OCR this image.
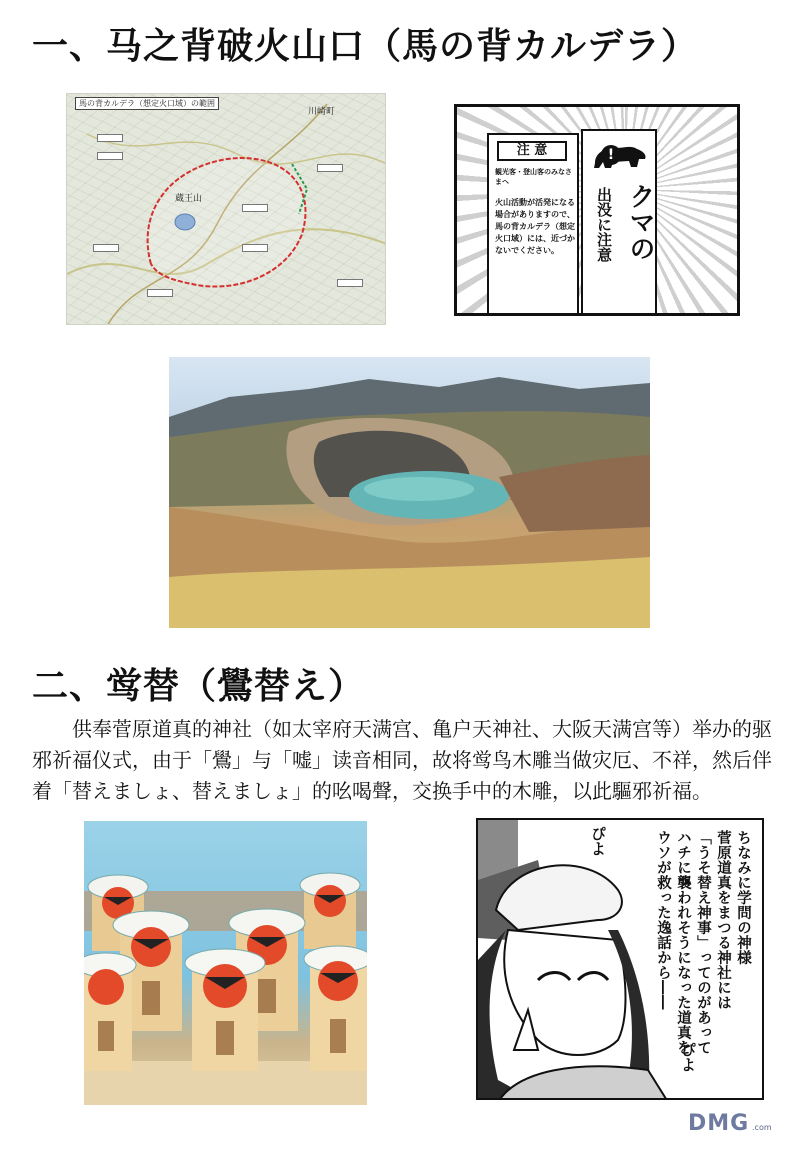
一、马之背破火山口（馬の背カルデラ）
馬の背カルデラ（想定火口域）の範囲
川崎町
蔵王山
注 意
観光客・登山客のみなさまへ
火山活動が活発になる場合がありますので、馬の背カルデラ（想定火口域）には、近づかないでください。
!
クマの
出没に注意
二、鸴替（鷽替え）
供奉菅原道真的神社（如太宰府天满宫、亀户天神社、大阪天满宫等）举办的驱邪祈福仪式，由于「鷽」与「嘘」读音相同，故将鸴鸟木雕当做灾厄、不祥，然后伴着「替えましょ、替えましょ」的吆喝聲，交换手中的木雕，以此驅邪祈福。
ちなみに学問の神様
菅原道真をまつる神社には
「うそ替え神事」ってのがあって
ハチに襲われそうになった道真を
ウソが救った逸話から――
ぴよ
ぴよ
DMG .com
